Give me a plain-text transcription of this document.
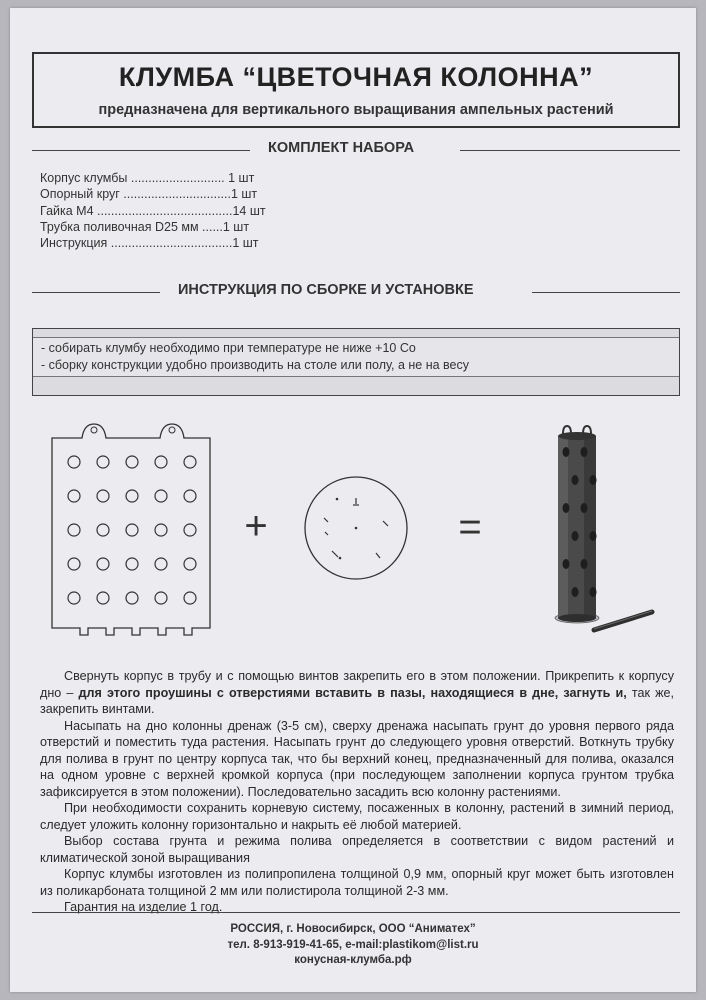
КЛУМБА “ЦВЕТОЧНАЯ КОЛОННА”
предназначена для вертикального выращивания ампельных растений
КОМПЛЕКТ НАБОРА
Корпус клумбы ........................... 1 шт
Опорный круг ...............................1 шт
Гайка М4 .......................................14 шт
Трубка поливочная D25 мм ......1 шт
Инструкция ...................................1 шт
ИНСТРУКЦИЯ ПО СБОРКЕ И УСТАНОВКЕ
- собирать клумбу необходимо при температуре не ниже +10 Со
- сборку конструкции удобно производить на столе или полу, а не на весу
+	=

Свернуть корпус в трубу и с помощью винтов закрепить его в этом положении. Прикрепить к корпусу дно – для этого проушины с отверстиями вставить в пазы, находящиеся в дне, загнуть и, так же, закрепить винтами.

Насыпать на дно колонны дренаж (3-5 см), сверху дренажа насыпать грунт до уровня первого ряда отверстий и поместить туда растения. Насыпать грунт до следующего уровня отверстий. Воткнуть трубку для полива в грунт по центру корпуса так, что бы верхний конец, предназначенный для полива, оказался на одном уровне с верхней кромкой корпуса (при последующем заполнении корпуса грунтом трубка зафиксируется в этом положении). Последовательно засадить всю колонну растениями.

При необходимости сохранить корневую систему, посаженных в колонну, растений в зимний период, следует уложить колонну горизонтально и накрыть её любой материей.

Выбор состава грунта и режима полива определяется в соответствии с видом растений и климатической зоной выращивания

Корпус клумбы изготовлен из полипропилена толщиной 0,9 мм, опорный круг может быть изготовлен из поликарбоната толщиной 2 мм или полистирола толщиной 2-3 мм.

Гарантия на изделие 1 год.

РОССИЯ, г. Новосибирск, ООО “Аниматех”
тел. 8-913-919-41-65, e-mail:plastikom@list.ru
конусная-клумба.рф
